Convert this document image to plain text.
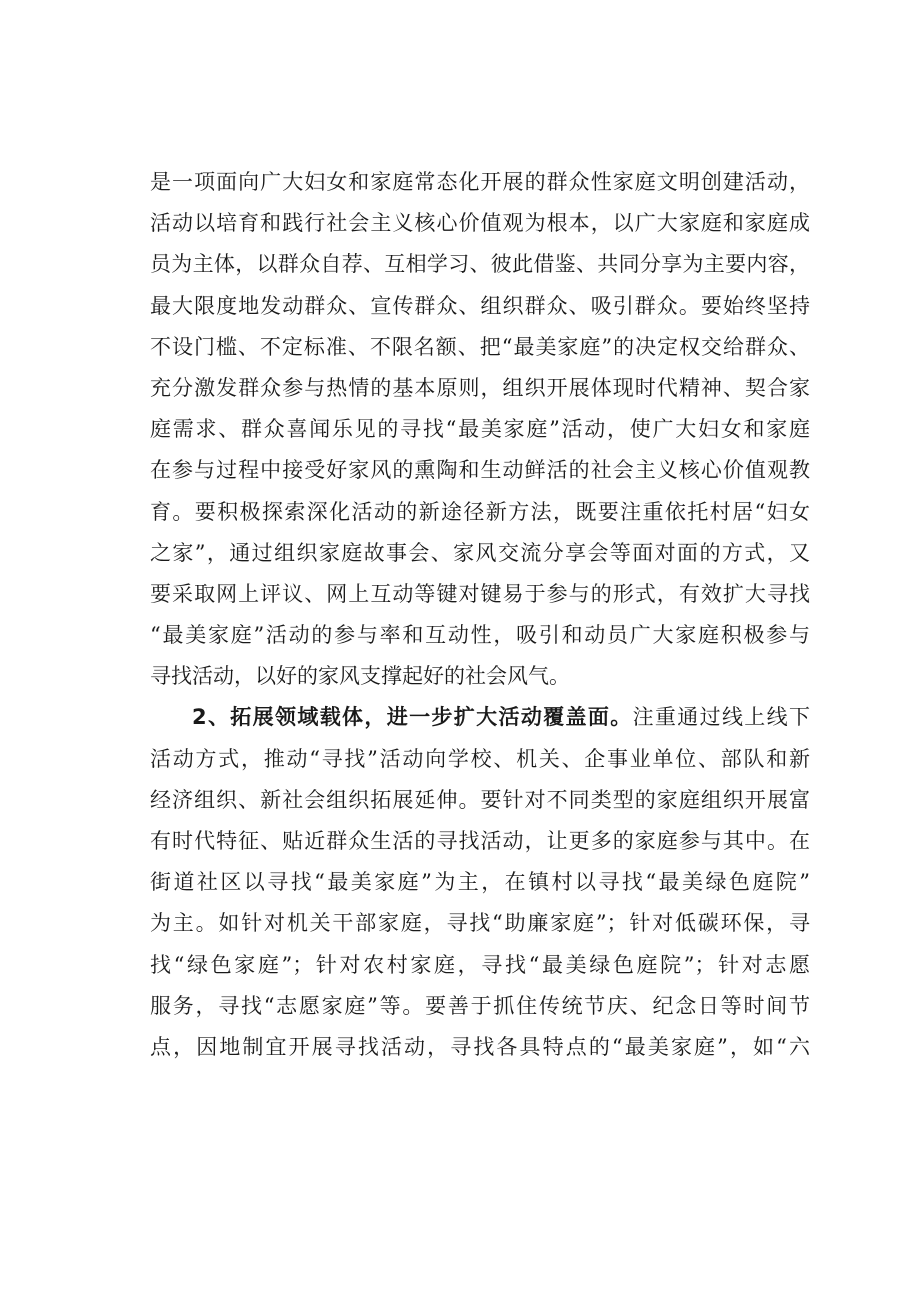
是一项面向广大妇女和家庭常态化开展的群众性家庭文明创建活动，
活动以培育和践行社会主义核心价值观为根本，以广大家庭和家庭成
员为主体，以群众自荐、互相学习、彼此借鉴、共同分享为主要内容，
最大限度地发动群众、宣传群众、组织群众、吸引群众。要始终坚持
不设门槛、不定标准、不限名额、把“最美家庭”的决定权交给群众、
充分激发群众参与热情的基本原则，组织开展体现时代精神、契合家
庭需求、群众喜闻乐见的寻找“最美家庭”活动，使广大妇女和家庭
在参与过程中接受好家风的熏陶和生动鲜活的社会主义核心价值观教
育。要积极探索深化活动的新途径新方法，既要注重依托村居“妇女
之家”，通过组织家庭故事会、家风交流分享会等面对面的方式，又
要采取网上评议、网上互动等键对键易于参与的形式，有效扩大寻找
“最美家庭”活动的参与率和互动性，吸引和动员广大家庭积极参与
寻找活动，以好的家风支撑起好的社会风气。
2、拓展领域载体，进一步扩大活动覆盖面。注重通过线上线下
活动方式，推动“寻找”活动向学校、机关、企事业单位、部队和新
经济组织、新社会组织拓展延伸。要针对不同类型的家庭组织开展富
有时代特征、贴近群众生活的寻找活动，让更多的家庭参与其中。在
街道社区以寻找“最美家庭”为主，在镇村以寻找“最美绿色庭院”
为主。如针对机关干部家庭，寻找“助廉家庭”；针对低碳环保，寻
找“绿色家庭”；针对农村家庭，寻找“最美绿色庭院”；针对志愿
服务，寻找“志愿家庭”等。要善于抓住传统节庆、纪念日等时间节
点，因地制宜开展寻找活动，寻找各具特点的“最美家庭”，如“六
